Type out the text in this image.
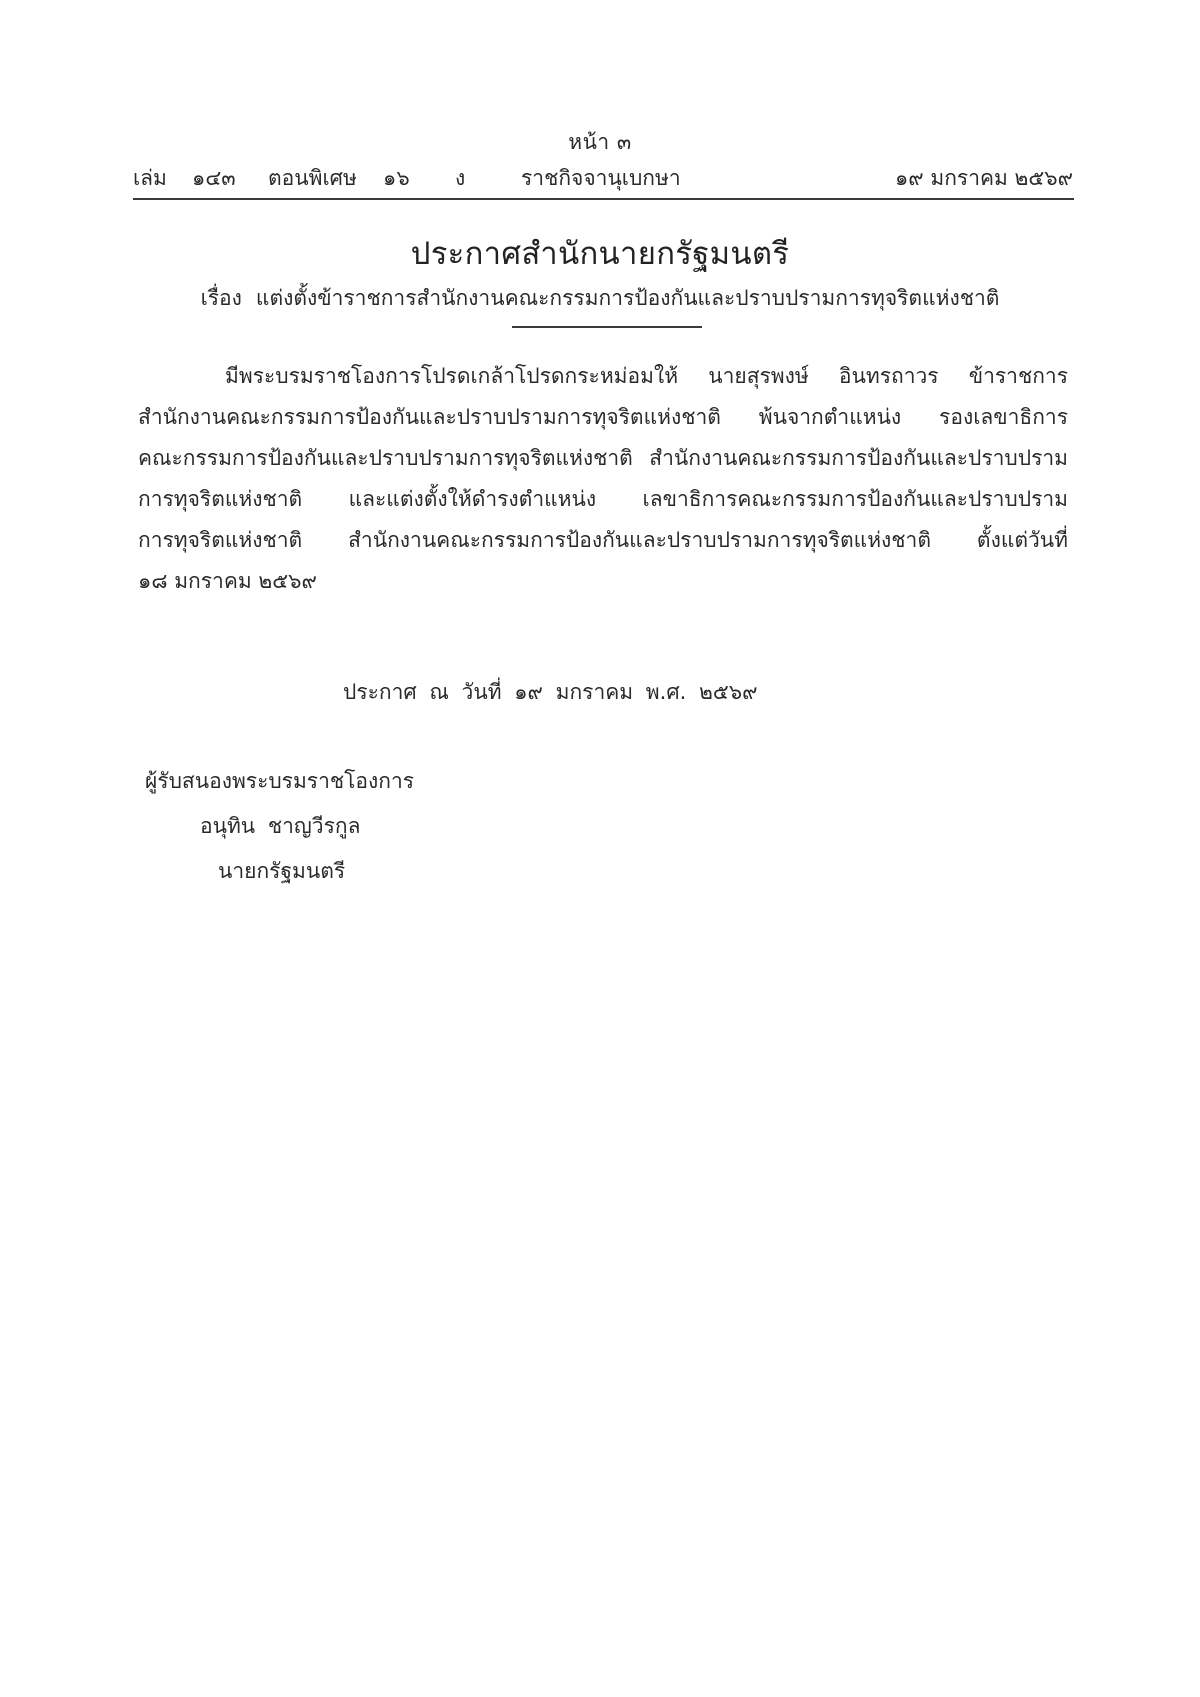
หน้า ๓
เล่ม ๑๔๓ ตอนพิเศษ ๑๖ ง	ราชกิจจานุเบกษา	๑๙ มกราคม ๒๕๖๙
ประกาศสำนักนายกรัฐมนตรี
เรื่อง แต่งตั้งข้าราชการสำนักงานคณะกรรมการป้องกันและปราบปรามการทุจริตแห่งชาติ
มีพระบรมราชโองการโปรดเกล้าโปรดกระหม่อมให้ นายสุรพงษ์ อินทรถาวร ข้าราชการ
สำนักงานคณะกรรมการป้องกันและปราบปรามการทุจริตแห่งชาติ พ้นจากตำแหน่ง รองเลขาธิการ
คณะกรรมการป้องกันและปราบปรามการทุจริตแห่งชาติ สำนักงานคณะกรรมการป้องกันและปราบปราม
การทุจริตแห่งชาติ และแต่งตั้งให้ดำรงตำแหน่ง เลขาธิการคณะกรรมการป้องกันและปราบปราม
การทุจริตแห่งชาติ สำนักงานคณะกรรมการป้องกันและปราบปรามการทุจริตแห่งชาติ ตั้งแต่วันที่
๑๘ มกราคม ๒๕๖๙
ประกาศ ณ วันที่ ๑๙ มกราคม พ.ศ. ๒๕๖๙
ผู้รับสนองพระบรมราชโองการ
อนุทิน ชาญวีรกูล
นายกรัฐมนตรี
